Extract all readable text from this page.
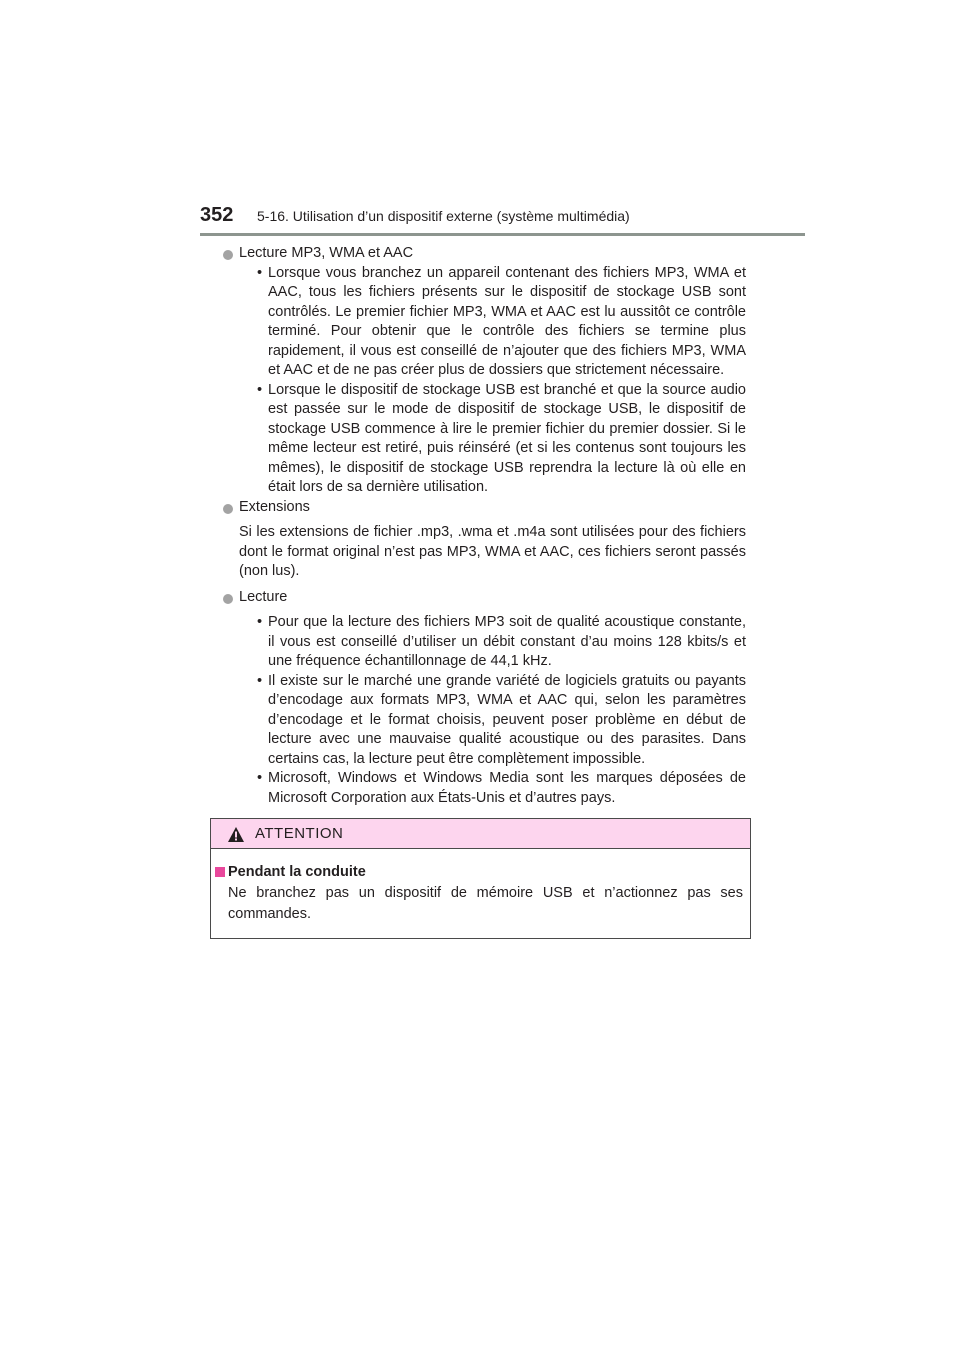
352 5-16. Utilisation d’un dispositif externe (système multimédia)
Lecture MP3, WMA et AAC
• Lorsque vous branchez un appareil contenant des fichiers MP3, WMA et AAC, tous les fichiers présents sur le dispositif de stockage USB sont contrôlés. Le premier fichier MP3, WMA et AAC est lu aussitôt ce contrôle terminé. Pour obtenir que le contrôle des fichiers se termine plus rapidement, il vous est conseillé de n’ajouter que des fichiers MP3, WMA et AAC et de ne pas créer plus de dossiers que strictement nécessaire.
• Lorsque le dispositif de stockage USB est branché et que la source audio est passée sur le mode de dispositif de stockage USB, le dispositif de stockage USB commence à lire le premier fichier du premier dossier. Si le même lecteur est retiré, puis réinséré (et si les contenus sont toujours les mêmes), le dispositif de stockage USB reprendra la lecture là où elle en était lors de sa dernière utilisation.
Extensions
Si les extensions de fichier .mp3, .wma et .m4a sont utilisées pour des fichiers dont le format original n’est pas MP3, WMA et AAC, ces fichiers seront passés (non lus).
Lecture
• Pour que la lecture des fichiers MP3 soit de qualité acoustique constante, il vous est conseillé d’utiliser un débit constant d’au moins 128 kbits/s et une fréquence échantillonnage de 44,1 kHz.
• Il existe sur le marché une grande variété de logiciels gratuits ou payants d’encodage aux formats MP3, WMA et AAC qui, selon les paramètres d’encodage et le format choisis, peuvent poser problème en début de lecture avec une mauvaise qualité acoustique ou des parasites. Dans certains cas, la lecture peut être complètement impossible.
• Microsoft, Windows et Windows Media sont les marques déposées de Microsoft Corporation aux États-Unis et d’autres pays.
ATTENTION
Pendant la conduite
Ne branchez pas un dispositif de mémoire USB et n’actionnez pas ses commandes.
